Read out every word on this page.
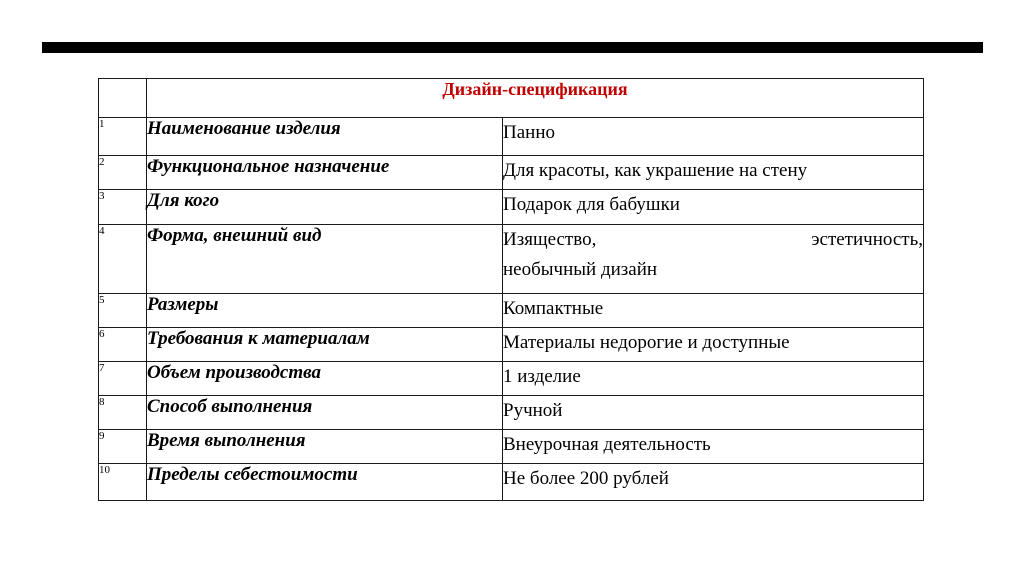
	Дизайн-спецификация	
1	Наименование изделия	Панно
2	Функциональное назначение	Для красоты, как украшение на стену
3	Для кого	Подарок для бабушки
4	Форма, внешний вид	Изящество, эстетичность,
необычный дизайн

5	Размеры	Компактные
6	Требования к материалам	Материалы недорогие и доступные
7	Объем производства	1 изделие
8	Способ выполнения	Ручной
9	Время выполнения	Внеурочная деятельность
10	Пределы себестоимости	Не более 200 рублей
